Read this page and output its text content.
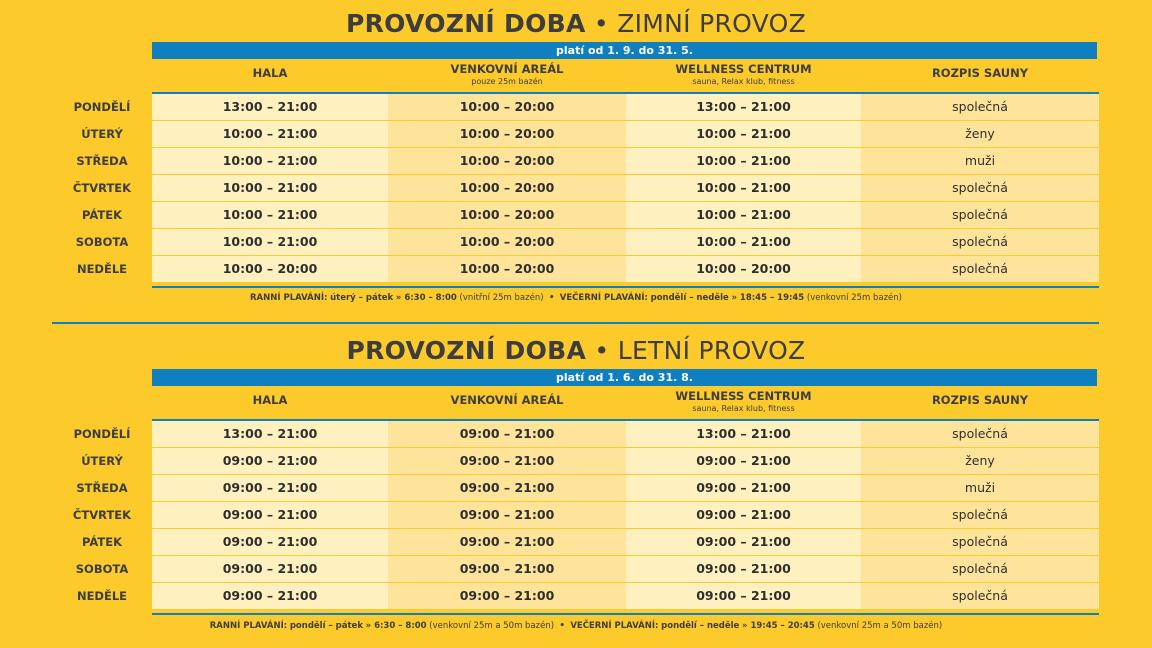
PROVOZNÍ DOBA • ZIMNÍ PROVOZ
platí od 1. 9. do 31. 5.
HALA	VENKOVNÍ AREÁL
pouze 25m bazén
WELLNESS CENTRUM
sauna, Relax klub, fitness
ROZPIS SAUNY
PONDĚLÍ	13:00 – 21:00	10:00 – 20:00	13:00 – 21:00	společná
ÚTERÝ	10:00 – 21:00	10:00 – 20:00	10:00 – 21:00	ženy
STŘEDA	10:00 – 21:00	10:00 – 20:00	10:00 – 21:00	muži
ČTVRTEK	10:00 – 21:00	10:00 – 20:00	10:00 – 21:00	společná
PÁTEK	10:00 – 21:00	10:00 – 20:00	10:00 – 21:00	společná
SOBOTA	10:00 – 21:00	10:00 – 20:00	10:00 – 21:00	společná
NEDĚLE	10:00 – 20:00	10:00 – 20:00	10:00 – 20:00	společná
RANNÍ PLAVÁNÍ: úterý – pátek » 6:30 – 8:00 (vnitřní 25m bazén) • VEČERNÍ PLAVÁNÍ: pondělí – neděle » 18:45 – 19:45 (venkovní 25m bazén)
PROVOZNÍ DOBA • LETNÍ PROVOZ
platí od 1. 6. do 31. 8.
HALA	VENKOVNÍ AREÁL	WELLNESS CENTRUM
sauna, Relax klub, fitness
ROZPIS SAUNY
PONDĚLÍ	13:00 – 21:00	09:00 – 21:00	13:00 – 21:00	společná
ÚTERÝ	09:00 – 21:00	09:00 – 21:00	09:00 – 21:00	ženy
STŘEDA	09:00 – 21:00	09:00 – 21:00	09:00 – 21:00	muži
ČTVRTEK	09:00 – 21:00	09:00 – 21:00	09:00 – 21:00	společná
PÁTEK	09:00 – 21:00	09:00 – 21:00	09:00 – 21:00	společná
SOBOTA	09:00 – 21:00	09:00 – 21:00	09:00 – 21:00	společná
NEDĚLE	09:00 – 21:00	09:00 – 21:00	09:00 – 21:00	společná
RANNÍ PLAVÁNÍ: pondělí – pátek » 6:30 – 8:00 (venkovní 25m a 50m bazén) • VEČERNÍ PLAVÁNÍ: pondělí – neděle » 19:45 – 20:45 (venkovní 25m a 50m bazén)
